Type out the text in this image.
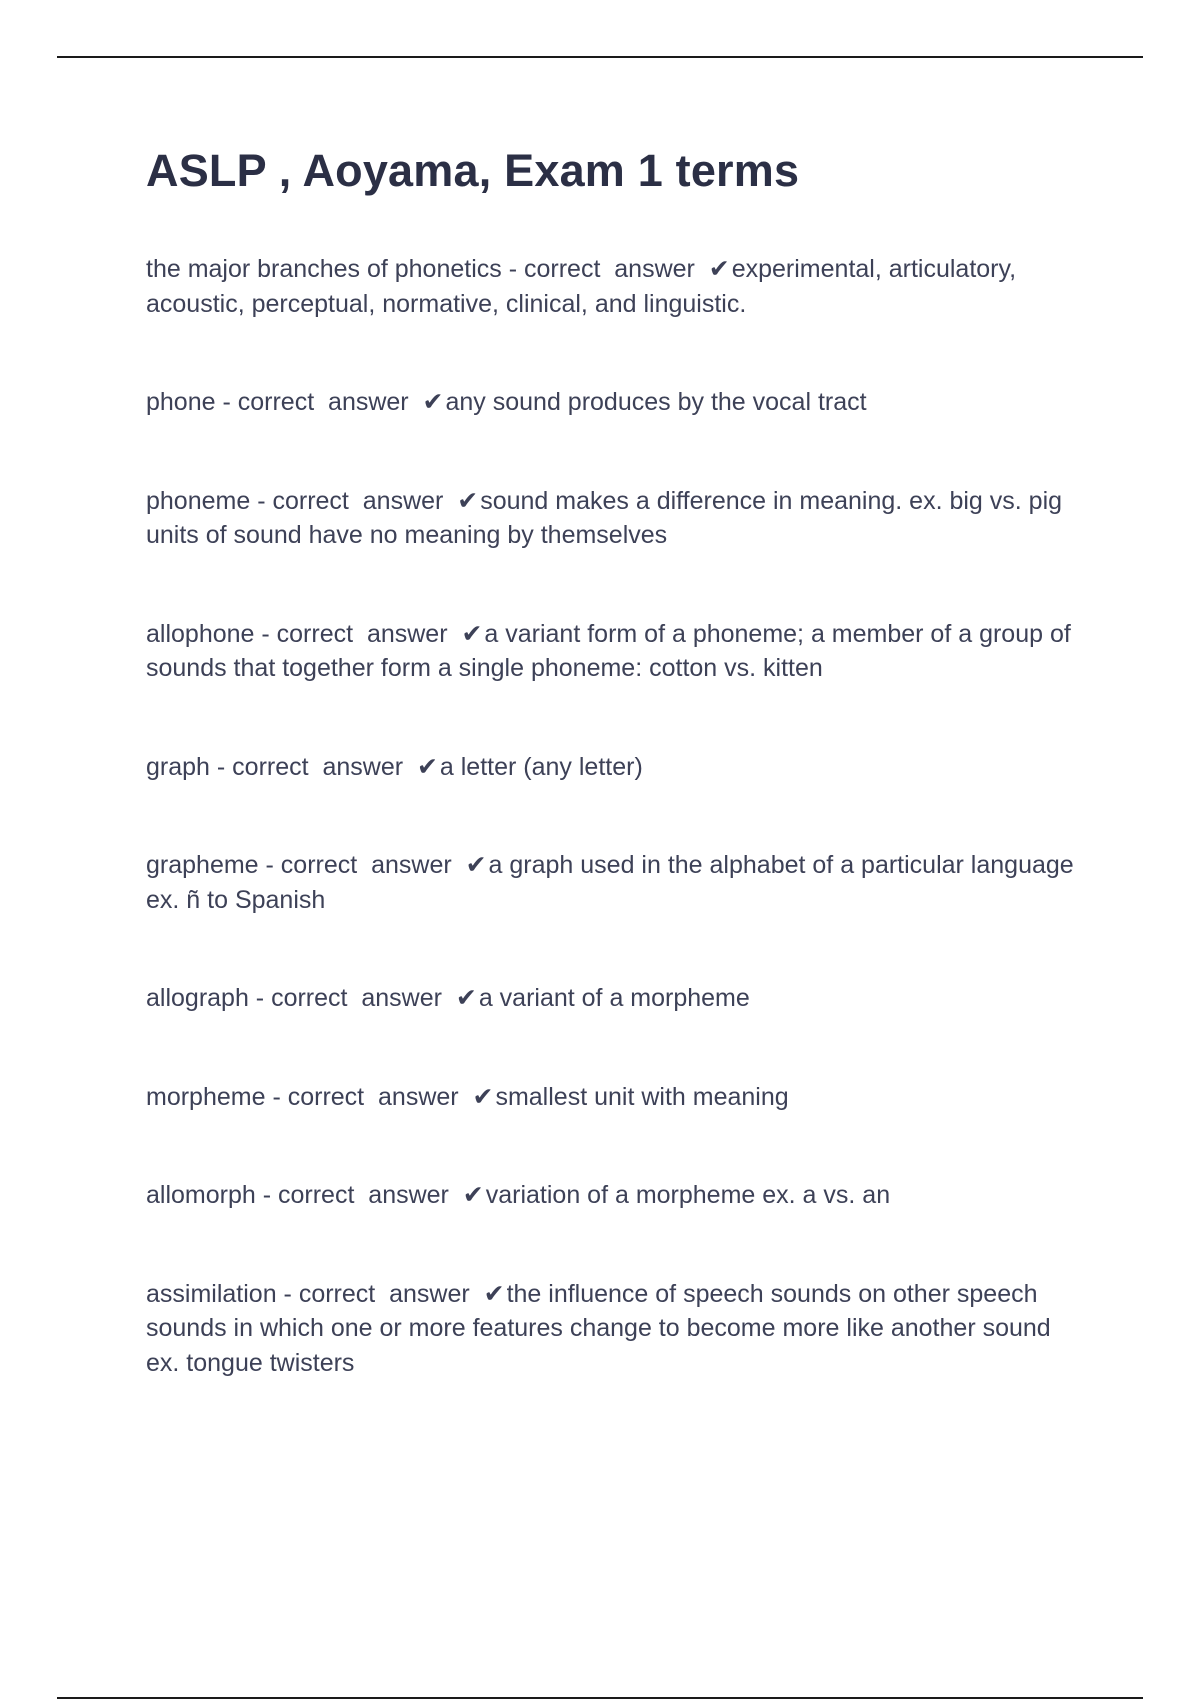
ASLP , Aoyama, Exam 1 terms

the major branches of phonetics - correct  answer  ✔experimental, articulatory, acoustic, perceptual, normative, clinical, and linguistic.

phone - correct  answer  ✔any sound produces by the vocal tract

phoneme - correct  answer  ✔sound makes a difference in meaning. ex. big vs. pig units of sound have no meaning by themselves

allophone - correct  answer  ✔a variant form of a phoneme; a member of a group of sounds that together form a single phoneme: cotton vs. kitten

graph - correct  answer  ✔a letter (any letter)

grapheme - correct  answer  ✔a graph used in the alphabet of a particular language ex. ñ to Spanish

allograph - correct  answer  ✔a variant of a morpheme

morpheme - correct  answer  ✔smallest unit with meaning

allomorph - correct  answer  ✔variation of a morpheme ex. a vs. an

assimilation - correct  answer  ✔the influence of speech sounds on other speech sounds in which one or more features change to become more like another sound ex. tongue twisters
